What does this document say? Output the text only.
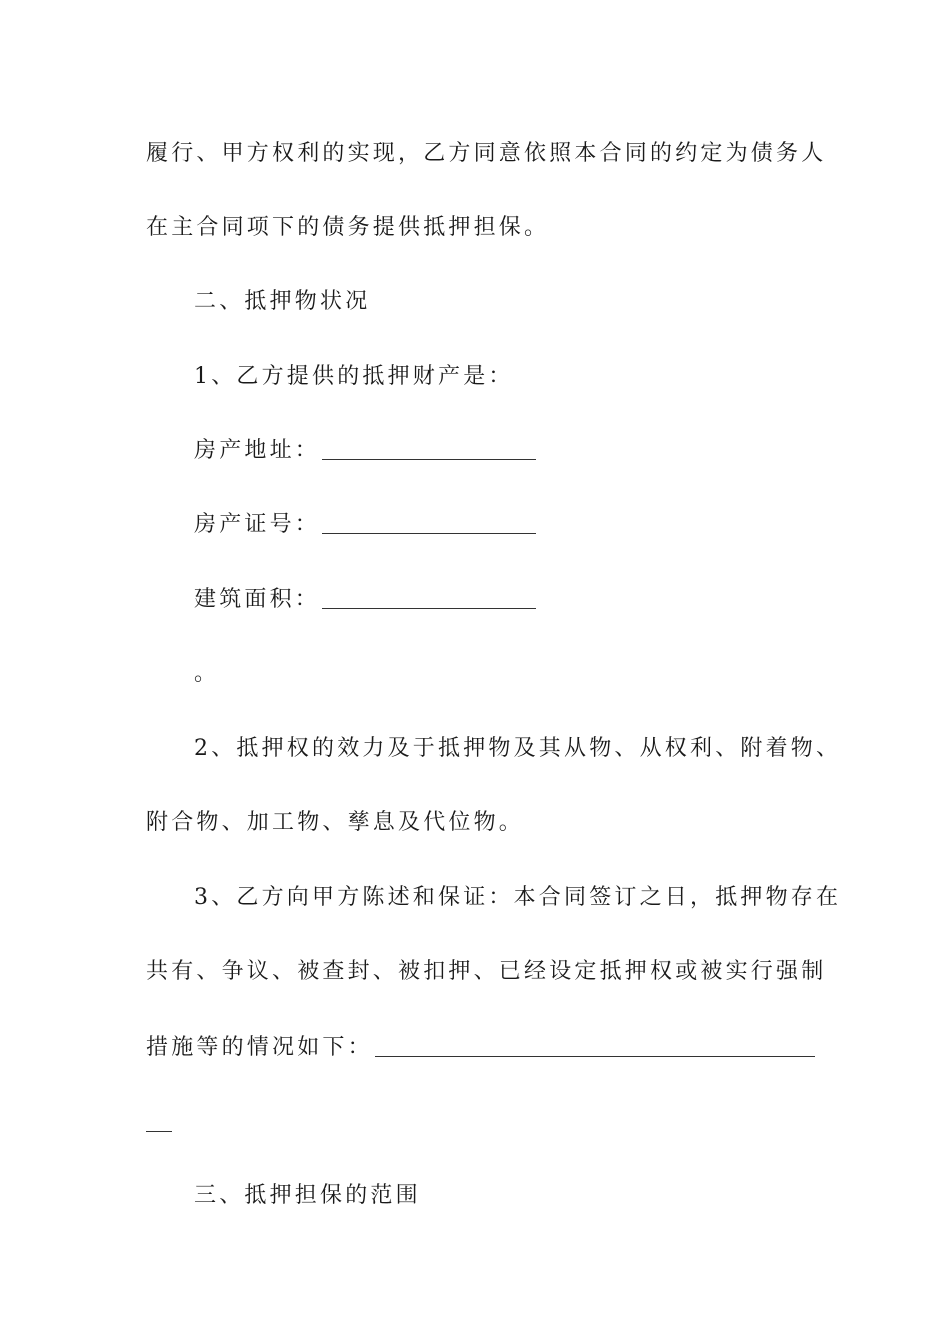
履行、甲方权利的实现，乙方同意依照本合同的约定为债务人
在主合同项下的债务提供抵押担保。
二、抵押物状况
1、乙方提供的抵押财产是：
房产地址：
房产证号：
建筑面积：
。
2、抵押权的效力及于抵押物及其从物、从权利、附着物、
附合物、加工物、孳息及代位物。
3、乙方向甲方陈述和保证：本合同签订之日，抵押物存在
共有、争议、被查封、被扣押、已经设定抵押权或被实行强制
措施等的情况如下：
三、抵押担保的范围
